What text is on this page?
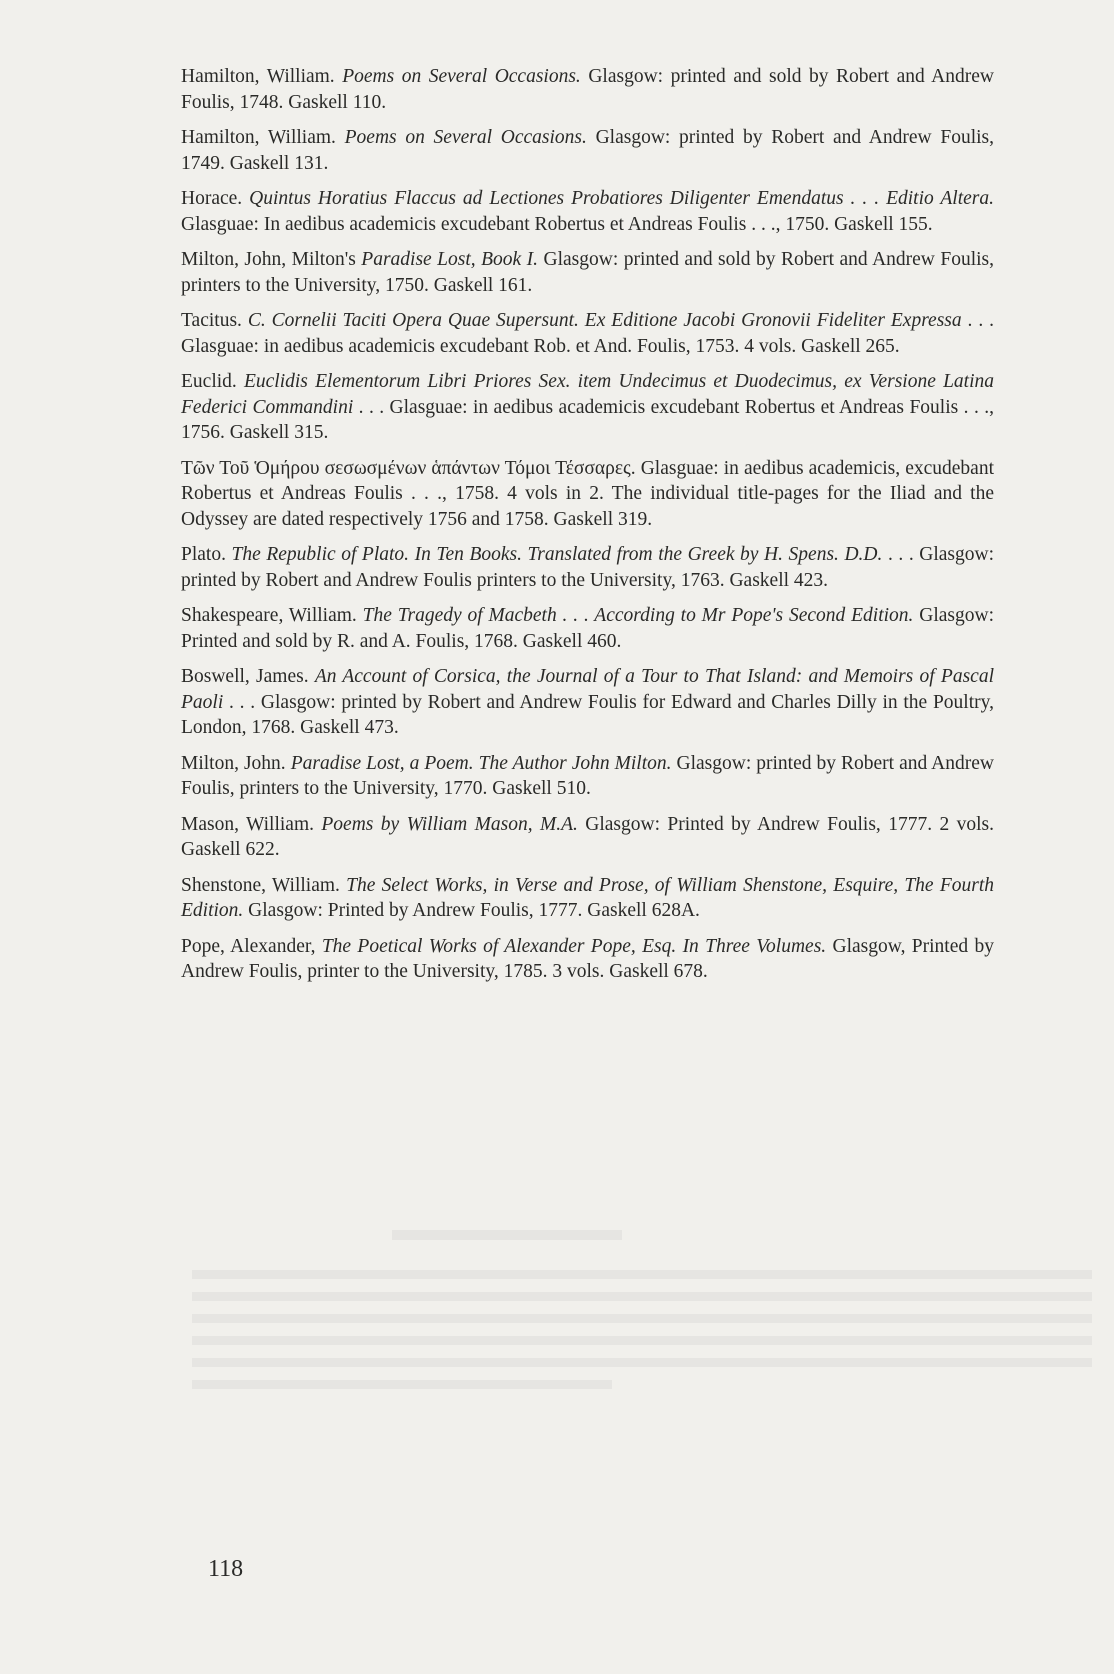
Hamilton, William. Poems on Several Occasions. Glasgow: printed and sold by Robert and Andrew Foulis, 1748. Gaskell 110.

Hamilton, William. Poems on Several Occasions. Glasgow: printed by Robert and Andrew Foulis, 1749. Gaskell 131.

Horace. Quintus Horatius Flaccus ad Lectiones Probatiores Diligenter Emendatus . . . Editio Altera. Glasguae: In aedibus academicis excudebant Robertus et Andreas Foulis . . ., 1750. Gaskell 155.

Milton, John, Milton's Paradise Lost, Book I. Glasgow: printed and sold by Robert and Andrew Foulis, printers to the University, 1750. Gaskell 161.

Tacitus. C. Cornelii Taciti Opera Quae Supersunt. Ex Editione Jacobi Gronovii Fideliter Expressa . . . Glasguae: in aedibus academicis excudebant Rob. et And. Foulis, 1753. 4 vols. Gaskell 265.

Euclid. Euclidis Elementorum Libri Priores Sex. item Undecimus et Duodecimus, ex Versione Latina Federici Commandini . . . Glasguae: in aedibus academicis excudebant Robertus et Andreas Foulis . . ., 1756. Gaskell 315.

Τῶν Τοῦ Ὁμήρου σεσωσμένων ἁπάντων Τόμοι Τέσσαρες. Glasguae: in aedibus academicis, excudebant Robertus et Andreas Foulis . . ., 1758. 4 vols in 2. The individual title-pages for the Iliad and the Odyssey are dated respectively 1756 and 1758. Gaskell 319.

Plato. The Republic of Plato. In Ten Books. Translated from the Greek by H. Spens. D.D. . . . Glasgow: printed by Robert and Andrew Foulis printers to the University, 1763. Gaskell 423.

Shakespeare, William. The Tragedy of Macbeth . . . According to Mr Pope's Second Edition. Glasgow: Printed and sold by R. and A. Foulis, 1768. Gaskell 460.

Boswell, James. An Account of Corsica, the Journal of a Tour to That Island: and Memoirs of Pascal Paoli . . . Glasgow: printed by Robert and Andrew Foulis for Edward and Charles Dilly in the Poultry, London, 1768. Gaskell 473.

Milton, John. Paradise Lost, a Poem. The Author John Milton. Glasgow: printed by Robert and Andrew Foulis, printers to the University, 1770. Gaskell 510.

Mason, William. Poems by William Mason, M.A. Glasgow: Printed by Andrew Foulis, 1777. 2 vols. Gaskell 622.

Shenstone, William. The Select Works, in Verse and Prose, of William Shenstone, Esquire, The Fourth Edition. Glasgow: Printed by Andrew Foulis, 1777. Gaskell 628A.

Pope, Alexander, The Poetical Works of Alexander Pope, Esq. In Three Volumes. Glasgow, Printed by Andrew Foulis, printer to the University, 1785. 3 vols. Gaskell 678.

118
